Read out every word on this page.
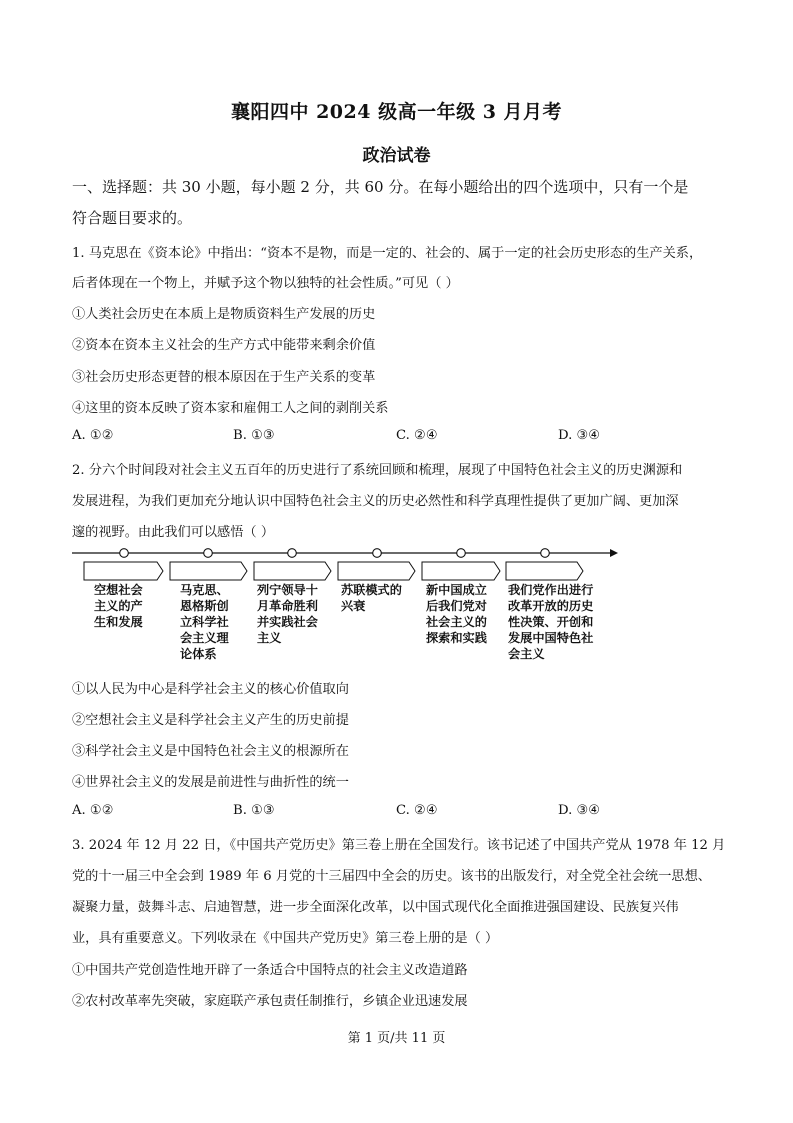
襄阳四中 2024 级高一年级 3 月月考
政治试卷
一、选择题：共 30 小题，每小题 2 分，共 60 分。在每小题给出的四个选项中，只有一个是
符合题目要求的。
1. 马克思在《资本论》中指出：“资本不是物，而是一定的、社会的、属于一定的社会历史形态的生产关系，
后者体现在一个物上，并赋予这个物以独特的社会性质。”可见（ ）
①人类社会历史在本质上是物质资料生产发展的历史
②资本在资本主义社会的生产方式中能带来剩余价值
③社会历史形态更替的根本原因在于生产关系的变革
④这里的资本反映了资本家和雇佣工人之间的剥削关系
A. ①②	B. ①③	C. ②④	D. ③④
2. 分六个时间段对社会主义五百年的历史进行了系统回顾和梳理，展现了中国特色社会主义的历史渊源和
发展进程，为我们更加充分地认识中国特色社会主义的历史必然性和科学真理性提供了更加广阔、更加深
邃的视野。由此我们可以感悟（ ）
空想社会
主义的产
生和发展
马克思、
恩格斯创
立科学社
会主义理
论体系
列宁领导十
月革命胜利
并实践社会
主义
苏联模式的
兴衰
新中国成立
后我们党对
社会主义的
探索和实践
我们党作出进行
改革开放的历史
性决策、开创和
发展中国特色社
会主义
①以人民为中心是科学社会主义的核心价值取向
②空想社会主义是科学社会主义产生的历史前提
③科学社会主义是中国特色社会主义的根源所在
④世界社会主义的发展是前进性与曲折性的统一
A. ①②	B. ①③	C. ②④	D. ③④
3. 2024 年 12 月 22 日，《中国共产党历史》第三卷上册在全国发行。该书记述了中国共产党从 1978 年 12 月
党的十一届三中全会到 1989 年 6 月党的十三届四中全会的历史。该书的出版发行，对全党全社会统一思想、
凝聚力量，鼓舞斗志、启迪智慧，进一步全面深化改革，以中国式现代化全面推进强国建设、民族复兴伟
业，具有重要意义。下列收录在《中国共产党历史》第三卷上册的是（ ）
①中国共产党创造性地开辟了一条适合中国特点的社会主义改造道路
②农村改革率先突破，家庭联产承包责任制推行，乡镇企业迅速发展
第 1 页/共 11 页
